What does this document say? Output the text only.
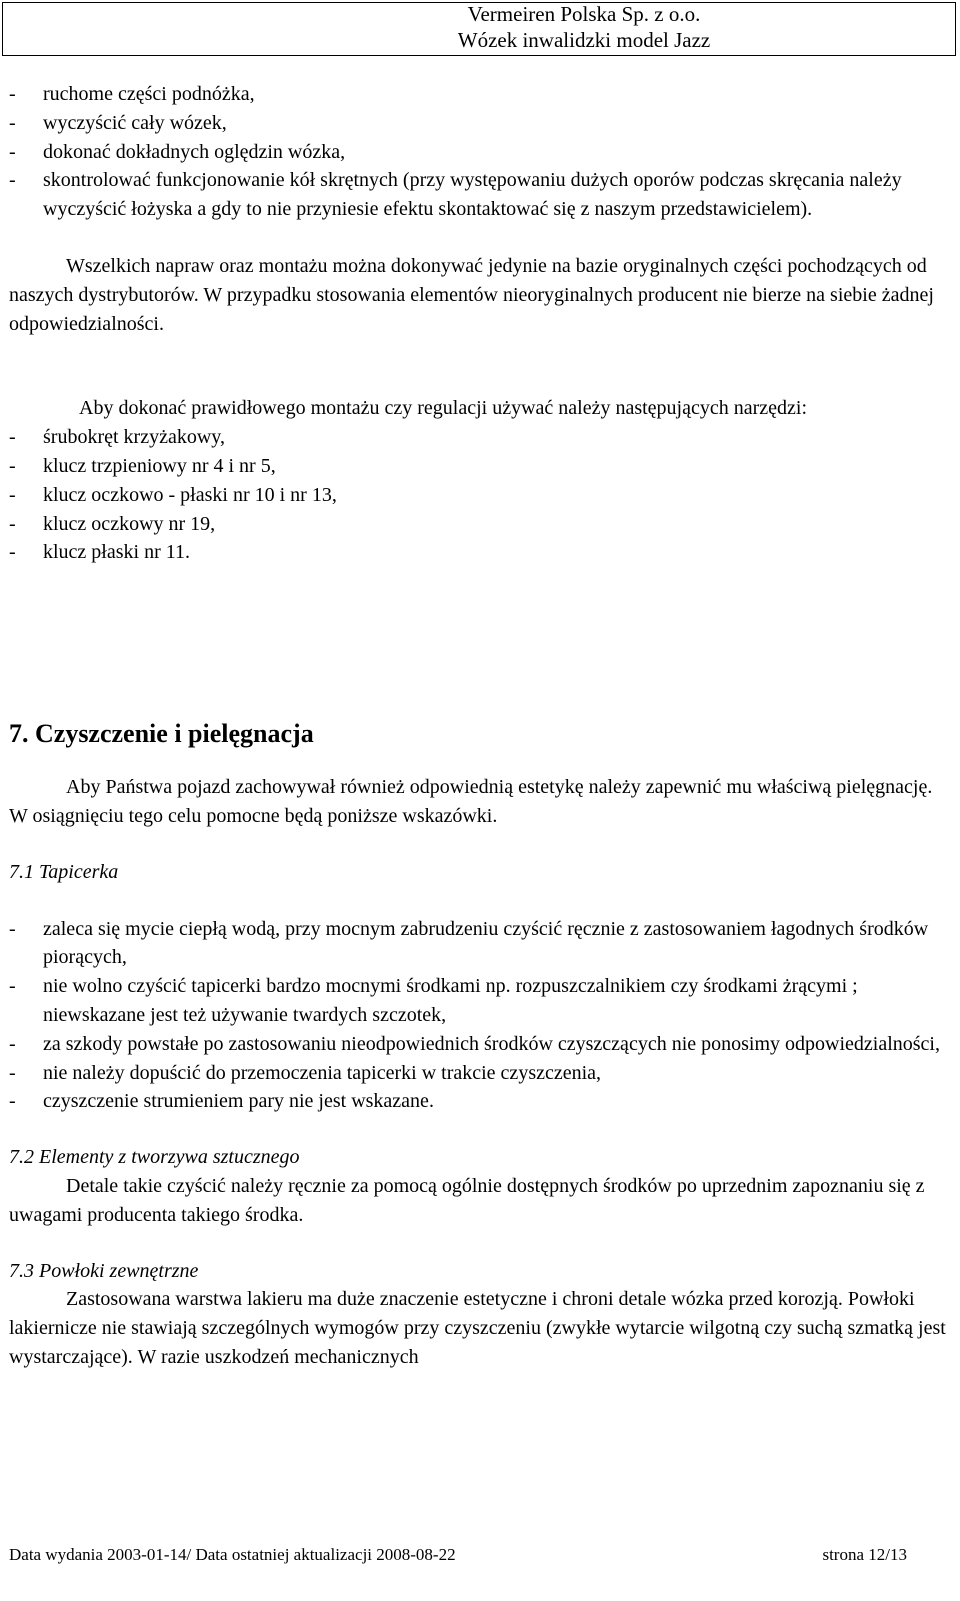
Vermeiren Polska Sp. z o.o.
Wózek inwalidzki model Jazz
- ruchome części podnóżka,
- wyczyścić cały wózek,
- dokonać dokładnych oględzin wózka,
- skontrolować funkcjonowanie kół skrętnych (przy występowaniu dużych oporów podczas skręcania należy wyczyścić łożyska a gdy to nie przyniesie efektu skontaktować się z naszym przedstawicielem).

Wszelkich napraw oraz montażu można dokonywać jedynie na bazie oryginalnych części pochodzących od naszych dystrybutorów. W przypadku stosowania elementów nieoryginalnych producent nie bierze na siebie żadnej odpowiedzialności.

Aby dokonać prawidłowego montażu czy regulacji używać należy następujących narzędzi:

- śrubokręt krzyżakowy,
- klucz trzpieniowy nr 4 i nr 5,
- klucz oczkowo - płaski nr 10 i nr 13,
- klucz oczkowy nr 19,
- klucz płaski nr 11.
7. Czyszczenie i pielęgnacja

Aby Państwa pojazd zachowywał również odpowiednią estetykę należy zapewnić mu właściwą pielęgnację. W osiągnięciu tego celu pomocne będą poniższe wskazówki.

7.1 Tapicerka

- zaleca się mycie ciepłą wodą, przy mocnym zabrudzeniu czyścić ręcznie z zastosowaniem łagodnych środków piorących,
- nie wolno czyścić tapicerki bardzo mocnymi środkami np. rozpuszczalnikiem czy środkami żrącymi ; niewskazane jest też używanie twardych szczotek,
- za szkody powstałe po zastosowaniu nieodpowiednich środków czyszczących nie ponosimy odpowiedzialności,
- nie należy dopuścić do przemoczenia tapicerki w trakcie czyszczenia,
- czyszczenie strumieniem pary nie jest wskazane.

7.2 Elementy z tworzywa sztucznego

Detale takie czyścić należy ręcznie za pomocą ogólnie dostępnych środków po uprzednim zapoznaniu się z uwagami producenta takiego środka.

7.3 Powłoki zewnętrzne

Zastosowana warstwa lakieru ma duże znaczenie estetyczne i chroni detale wózka przed korozją. Powłoki lakiernicze nie stawiają szczególnych wymogów przy czyszczeniu (zwykłe wytarcie wilgotną czy suchą szmatką jest wystarczające). W razie uszkodzeń mechanicznych

Data wydania 2003-01-14/ Data ostatniej aktualizacji 2008-08-22	strona 12/13
